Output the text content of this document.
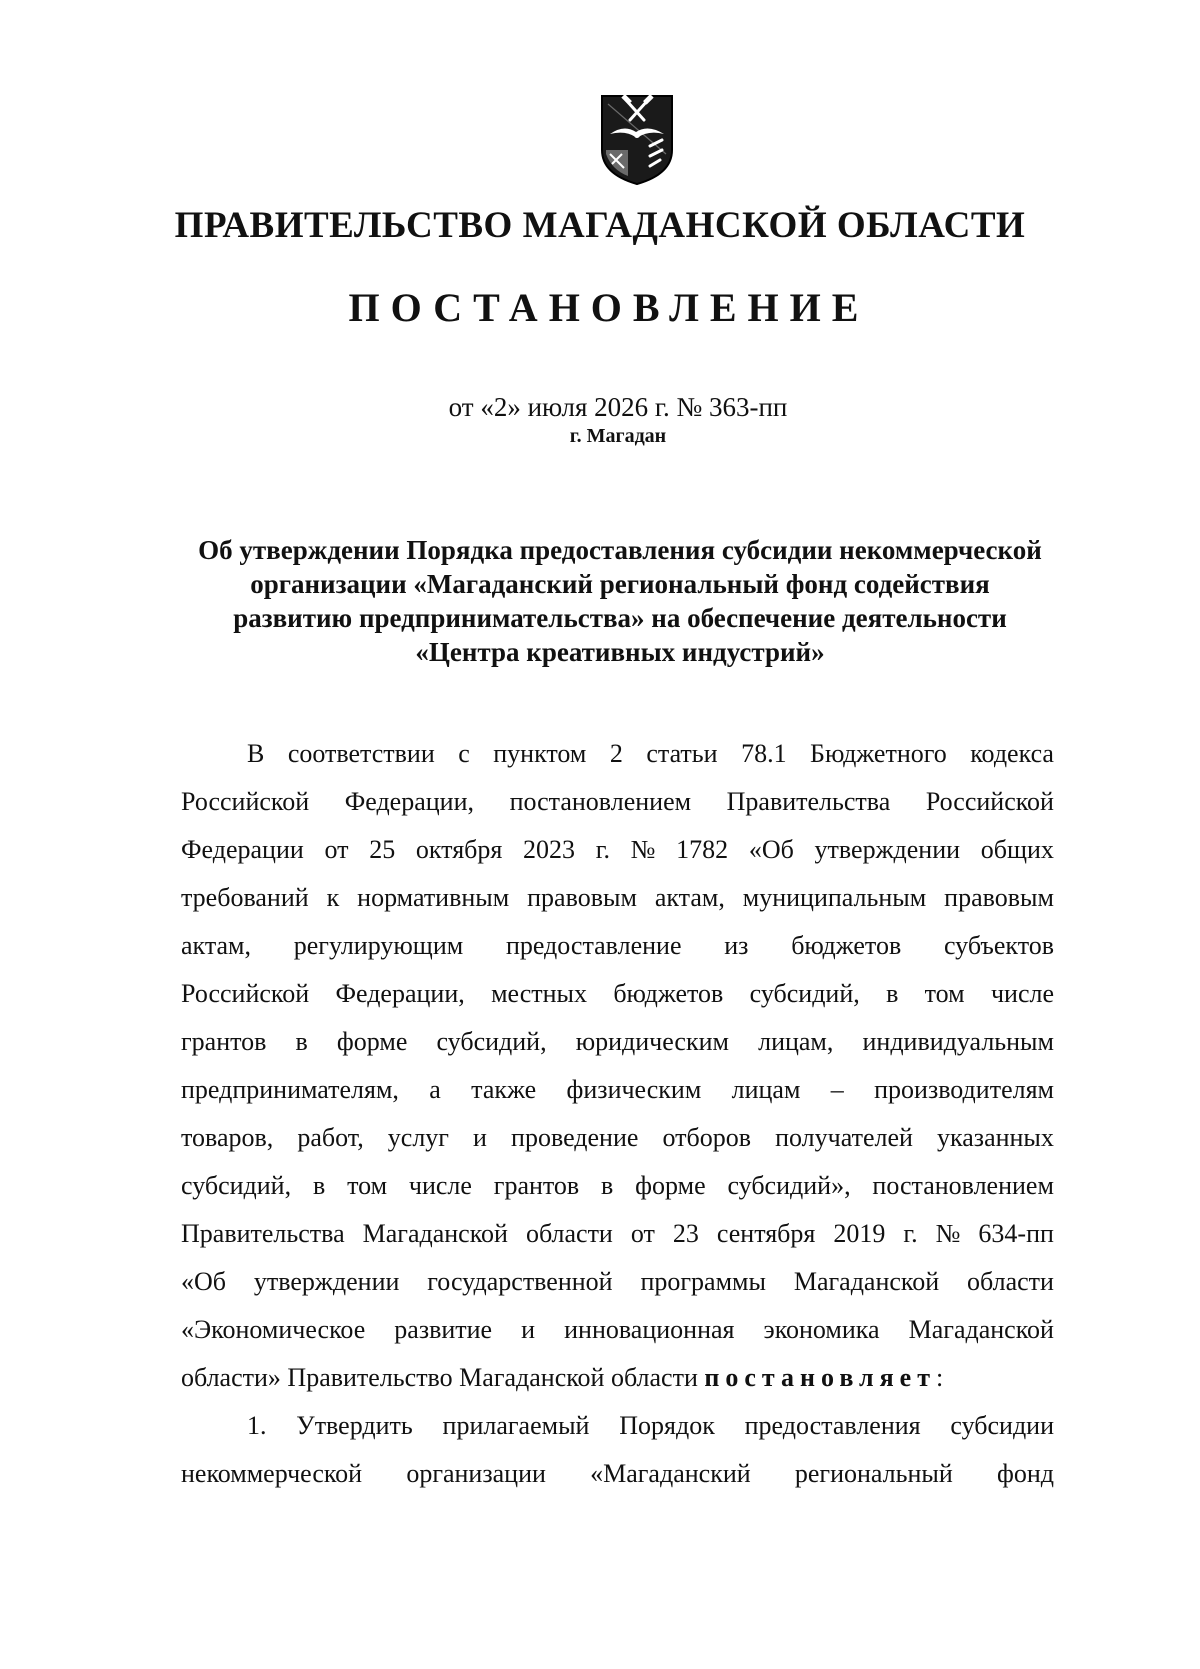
ПРАВИТЕЛЬСТВО МАГАДАНСКОЙ ОБЛАСТИ
ПОСТАНОВЛЕНИЕ
от «2» июля 2026 г. № 363-пп
г. Магадан
Об утверждении Порядка предоставления субсидии некоммерческой
организации «Магаданский региональный фонд содействия
развитию предпринимательства» на обеспечение деятельности
«Центра креативных индустрий»
В соответствии с пунктом 2 статьи 78.1 Бюджетного кодекса
Российской Федерации, постановлением Правительства Российской
Федерации от 25 октября 2023 г. № 1782 «Об утверждении общих
требований к нормативным правовым актам, муниципальным правовым
актам, регулирующим предоставление из бюджетов субъектов
Российской Федерации, местных бюджетов субсидий, в том числе
грантов в форме субсидий, юридическим лицам, индивидуальным
предпринимателям, а также физическим лицам – производителям
товаров, работ, услуг и проведение отборов получателей указанных
субсидий, в том числе грантов в форме субсидий», постановлением
Правительства Магаданской области от 23 сентября 2019 г. № 634-пп
«Об утверждении государственной программы Магаданской области
«Экономическое развитие и инновационная экономика Магаданской
области» Правительство Магаданской области
постановляет :
1. Утвердить прилагаемый Порядок предоставления субсидии
некоммерческой организации «Магаданский региональный фонд
